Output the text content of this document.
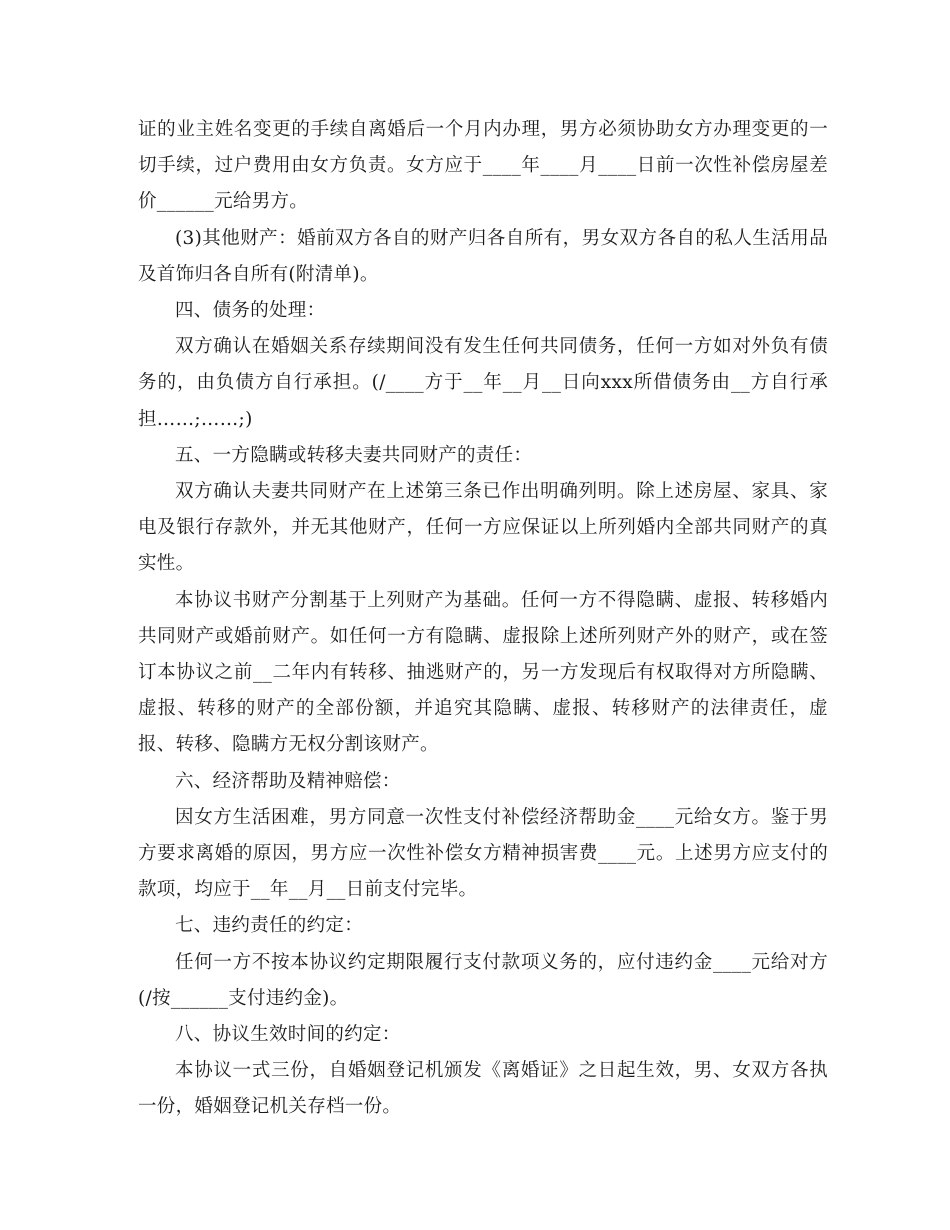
证的业主姓名变更的手续自离婚后一个月内办理，男方必须协助女方办理变更的一切手续，过户费用由女方负责。女方应于____年____月____日前一次性补偿房屋差价______元给男方。

(3)其他财产：婚前双方各自的财产归各自所有，男女双方各自的私人生活用品及首饰归各自所有(附清单)。

四、债务的处理：

双方确认在婚姻关系存续期间没有发生任何共同债务，任何一方如对外负有债务的，由负债方自行承担。(/____方于__年__月__日向xxx所借债务由__方自行承担……;……;)

五、一方隐瞒或转移夫妻共同财产的责任：

双方确认夫妻共同财产在上述第三条已作出明确列明。除上述房屋、家具、家电及银行存款外，并无其他财产，任何一方应保证以上所列婚内全部共同财产的真实性。

本协议书财产分割基于上列财产为基础。任何一方不得隐瞒、虚报、转移婚内共同财产或婚前财产。如任何一方有隐瞒、虚报除上述所列财产外的财产，或在签订本协议之前__二年内有转移、抽逃财产的，另一方发现后有权取得对方所隐瞒、虚报、转移的财产的全部份额，并追究其隐瞒、虚报、转移财产的法律责任，虚报、转移、隐瞒方无权分割该财产。

六、经济帮助及精神赔偿：

因女方生活困难，男方同意一次性支付补偿经济帮助金____元给女方。鉴于男方要求离婚的原因，男方应一次性补偿女方精神损害费____元。上述男方应支付的款项，均应于__年__月__日前支付完毕。

七、违约责任的约定：

任何一方不按本协议约定期限履行支付款项义务的，应付违约金____元给对方(/按______支付违约金)。

八、协议生效时间的约定：

本协议一式三份，自婚姻登记机颁发《离婚证》之日起生效，男、女双方各执一份，婚姻登记机关存档一份。
